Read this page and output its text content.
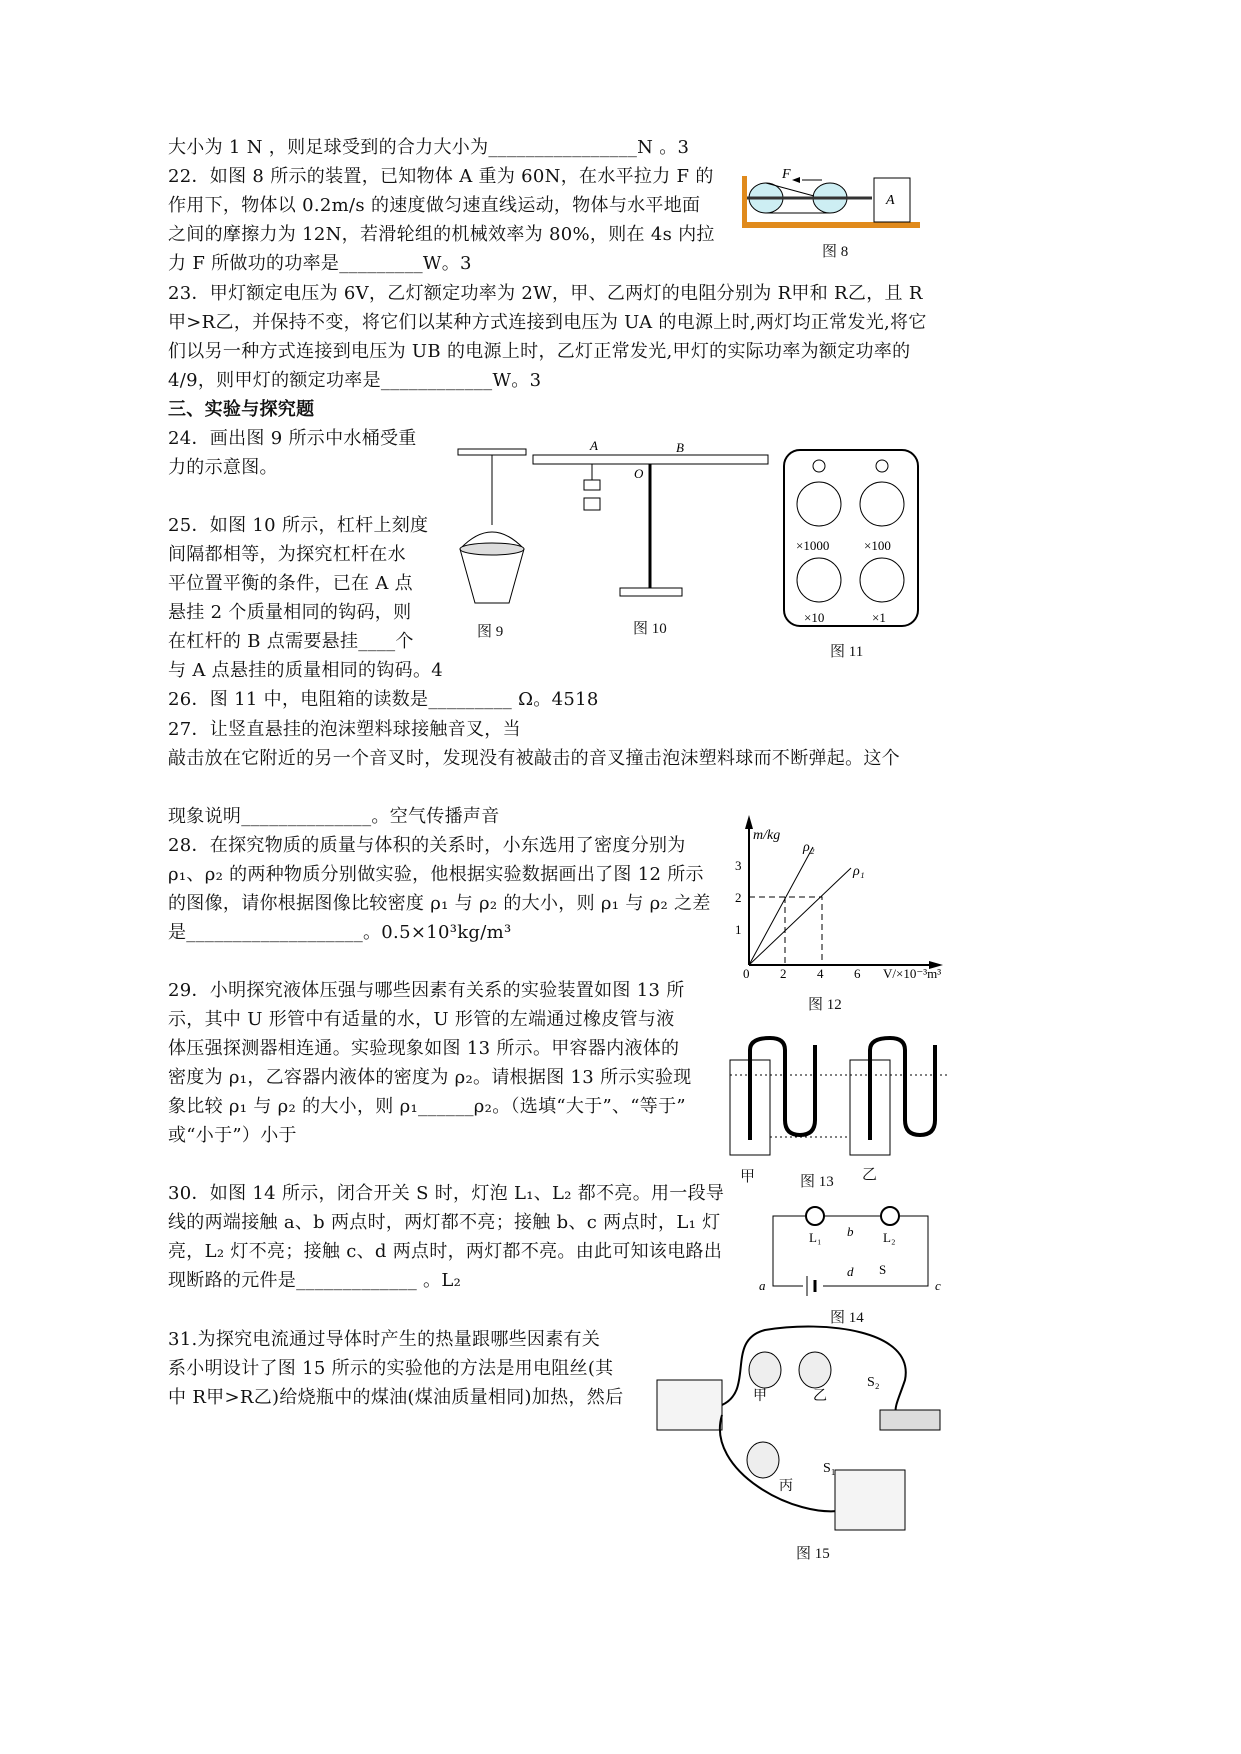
大小为 1 N ，则足球受到的合力大小为________________N 。3
22．如图 8 所示的装置，已知物体 A 重为 60N，在水平拉力 F 的
作用下，物体以 0.2m/s 的速度做匀速直线运动，物体与水平地面
之间的摩擦力为 12N，若滑轮组的机械效率为 80%，则在 4s 内拉
力 F 所做功的功率是_________W。3
23．甲灯额定电压为 6V，乙灯额定功率为 2W，甲、乙两灯的电阻分别为 R甲和 R乙，且 R
甲>R乙，并保持不变，将它们以某种方式连接到电压为 UA 的电源上时,两灯均正常发光,将它
们以另一种方式连接到电压为 UB 的电源上时，乙灯正常发光,甲灯的实际功率为额定功率的
4/9，则甲灯的额定功率是____________W。3
三、实验与探究题
24．画出图 9 所示中水桶受重
力的示意图。
25．如图 10 所示，杠杆上刻度
间隔都相等，为探究杠杆在水
平位置平衡的条件，已在 A 点
悬挂 2 个质量相同的钩码，则
在杠杆的 B 点需要悬挂____个
与 A 点悬挂的质量相同的钩码。4
26．图 11 中，电阻箱的读数是_________ Ω。4518
27．让竖直悬挂的泡沫塑料球接触音叉，当
敲击放在它附近的另一个音叉时，发现没有被敲击的音叉撞击泡沫塑料球而不断弹起。这个
现象说明______________。空气传播声音
28．在探究物质的质量与体积的关系时，小东选用了密度分别为
ρ₁、ρ₂ 的两种物质分别做实验，他根据实验数据画出了图 12 所示
的图像，请你根据图像比较密度 ρ₁ 与 ρ₂ 的大小，则 ρ₁ 与 ρ₂ 之差
是___________________。0.5×10³kg/m³
29．小明探究液体压强与哪些因素有关系的实验装置如图 13 所
示，其中 U 形管中有适量的水，U 形管的左端通过橡皮管与液
体压强探测器相连通。实验现象如图 13 所示。甲容器内液体的
密度为 ρ₁，乙容器内液体的密度为 ρ₂。请根据图 13 所示实验现
象比较 ρ₁ 与 ρ₂ 的大小，则 ρ₁______ρ₂。（选填“大于”、“等于”
或“小于”）小于
30．如图 14 所示，闭合开关 S 时，灯泡 L₁、L₂ 都不亮。用一段导
线的两端接触 a、b 两点时，两灯都不亮；接触 b、c 两点时，L₁ 灯
亮，L₂ 灯不亮；接触 c、d 两点时，两灯都不亮。由此可知该电路出
现断路的元件是_____________ 。L₂
31.为探究电流通过导体时产生的热量跟哪些因素有关
系小明设计了图 15 所示的实验他的方法是用电阻丝(其
中 R甲>R乙)给烧瓶中的煤油(煤油质量相同)加热，然后
F
A
图 8
图 9
A	B
O
图 10
×1000	×100
×10	×1
图 11
m/kg
V/×10⁻³m³
ρ₂
ρ₁
1
2
3
0 2 4 6
图 12
甲	图 13 乙
L₁	L₂
b
a
d S
c
图 14
甲	乙
丙
S₂
S₁
图 15
